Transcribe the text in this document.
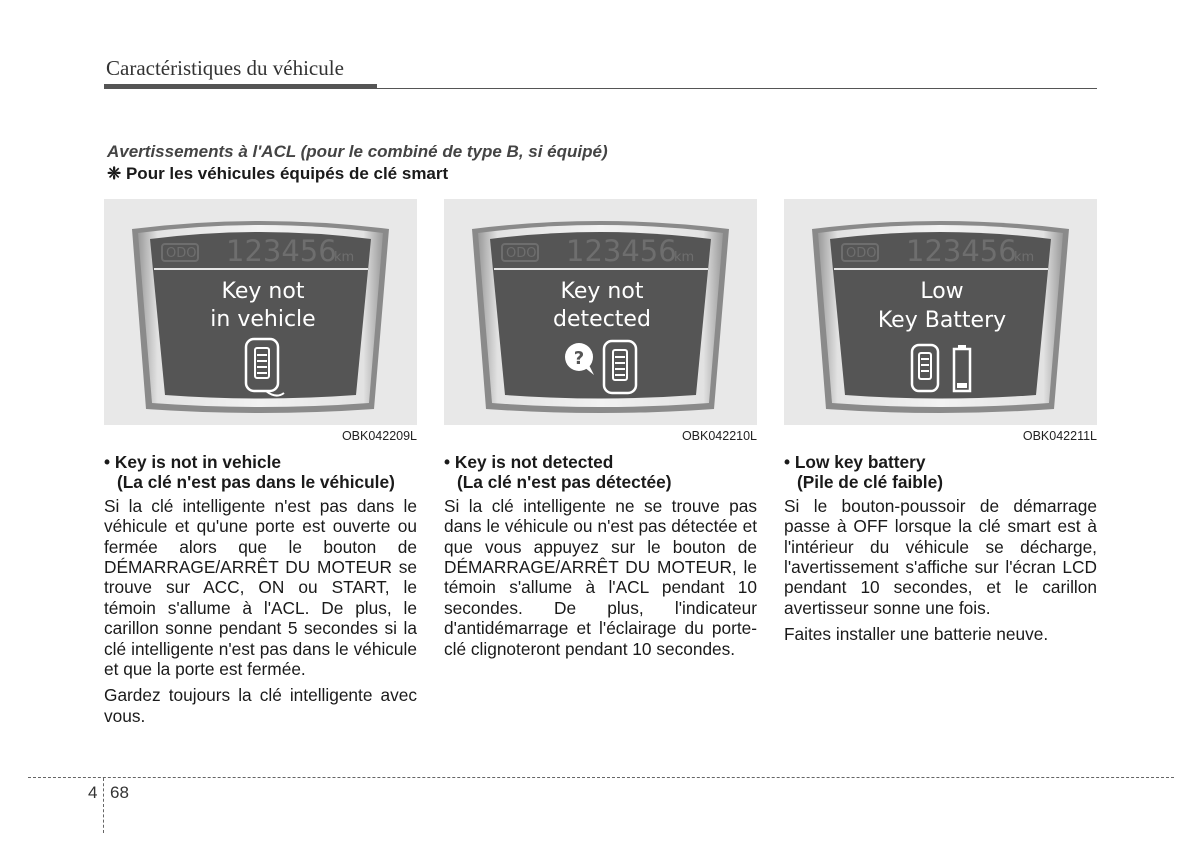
Caractéristiques du véhicule
Avertissements à l'ACL (pour le combiné de type B, si équipé)
❈ Pour les véhicules équipés de clé smart
ODO 123456
km
Key not
in vehicle
OBK042209L
ODO 123456
km
Key not
detected
?
OBK042210L
ODO 123456
km
Low
Key Battery
OBK042211L
• Key is not in vehicle
(La clé n'est pas dans le véhicule)
Si la clé intelligente n'est pas dans le véhicule et qu'une porte est ouverte ou fermée alors que le bouton de DÉMARRAGE/ARRÊT DU MOTEUR se trouve sur ACC, ON ou START, le témoin s'allume à l'ACL. De plus, le carillon sonne pendant 5 secondes si la clé intelligente n'est pas dans le véhicule et que la porte est fermée.
Gardez toujours la clé intelligente avec vous.
• Key is not detected
(La clé n'est pas détectée)
Si la clé intelligente ne se trouve pas dans le véhicule ou n'est pas détectée et que vous appuyez sur le bouton de DÉMARRAGE/ARRÊT DU MOTEUR, le témoin s'allume à l'ACL pendant 10 secondes. De plus, l'indicateur d'antidémarrage et l'éclairage du porte-clé clignoteront pendant 10 secondes.
• Low key battery
(Pile de clé faible)
Si le bouton-poussoir de démarrage passe à OFF lorsque la clé smart est à l'intérieur du véhicule se décharge, l'avertissement s'affiche sur l'écran LCD pendant 10 secondes, et le carillon avertisseur sonne une fois.
Faites installer une batterie neuve.
4 68
